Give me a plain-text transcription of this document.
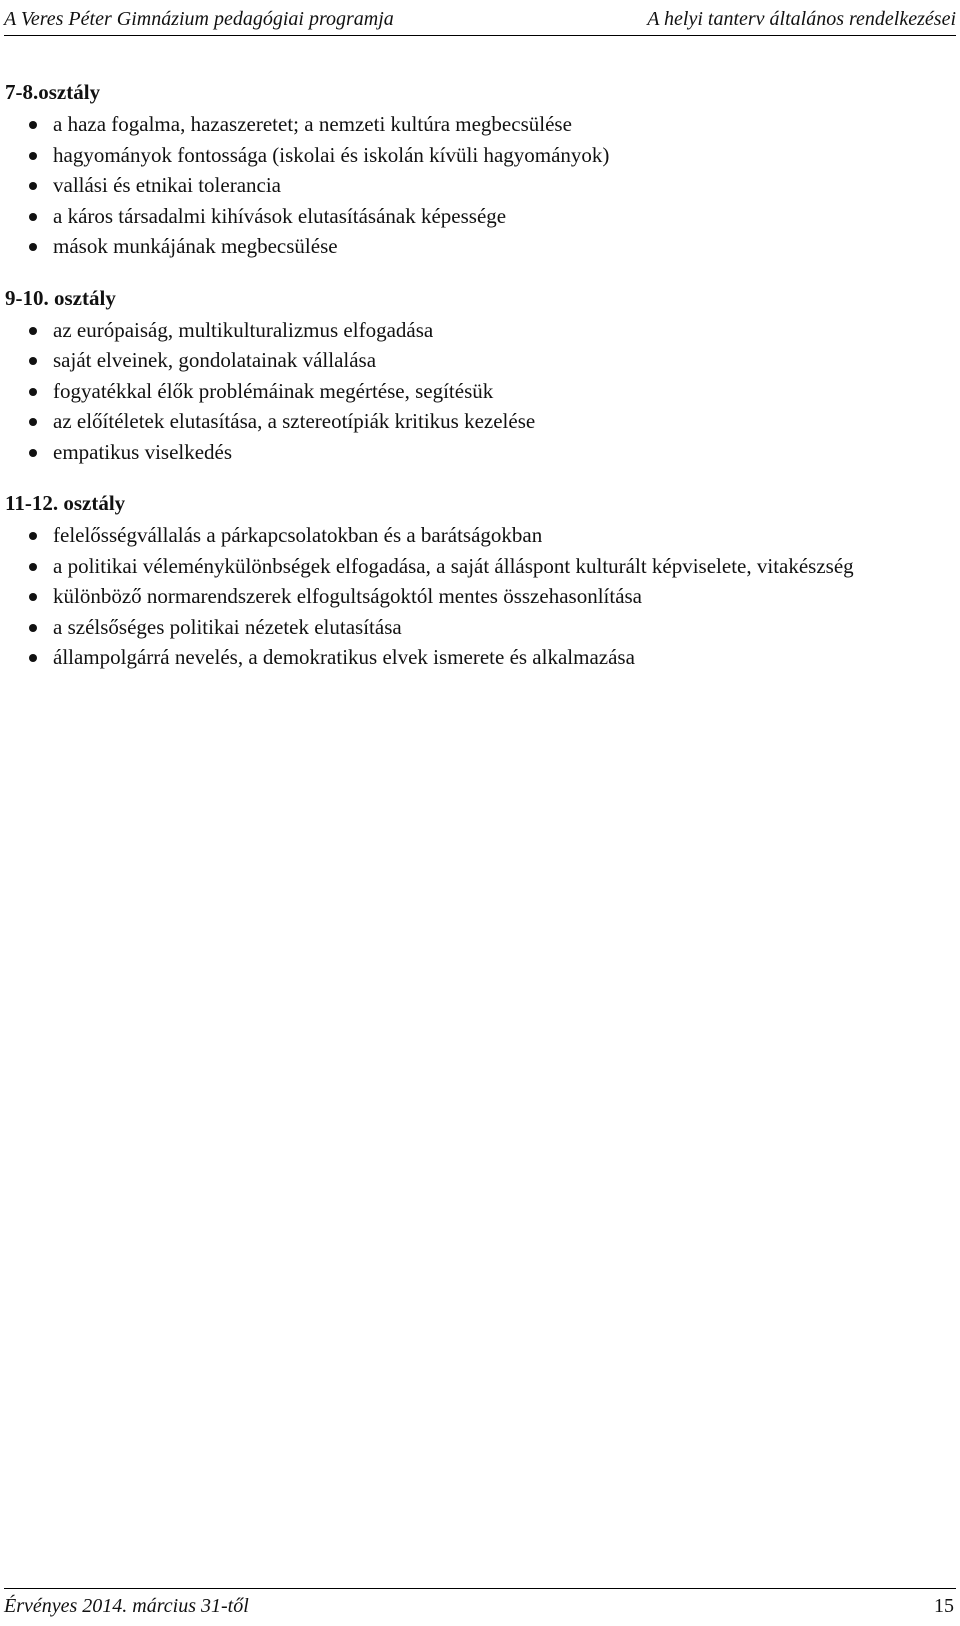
A Veres Péter Gimnázium pedagógiai programja	A helyi tanterv általános rendelkezései
7-8.osztály
a haza fogalma, hazaszeretet; a nemzeti kultúra megbecsülése
hagyományok fontossága (iskolai és iskolán kívüli hagyományok)
vallási és etnikai tolerancia
a káros társadalmi kihívások elutasításának képessége
mások munkájának megbecsülése
9-10. osztály
az európaiság, multikulturalizmus elfogadása
saját elveinek, gondolatainak vállalása
fogyatékkal élők problémáinak megértése, segítésük
az előítéletek elutasítása, a sztereotípiák kritikus kezelése
empatikus viselkedés
11-12. osztály
felelősségvállalás a párkapcsolatokban és a barátságokban
a politikai véleménykülönbségek elfogadása, a saját álláspont kulturált képviselete, vitakészség
különböző normarendszerek elfogultságoktól mentes összehasonlítása
a szélsőséges politikai nézetek elutasítása
állampolgárrá nevelés, a demokratikus elvek ismerete és alkalmazása
Érvényes 2014. március 31-től	15
